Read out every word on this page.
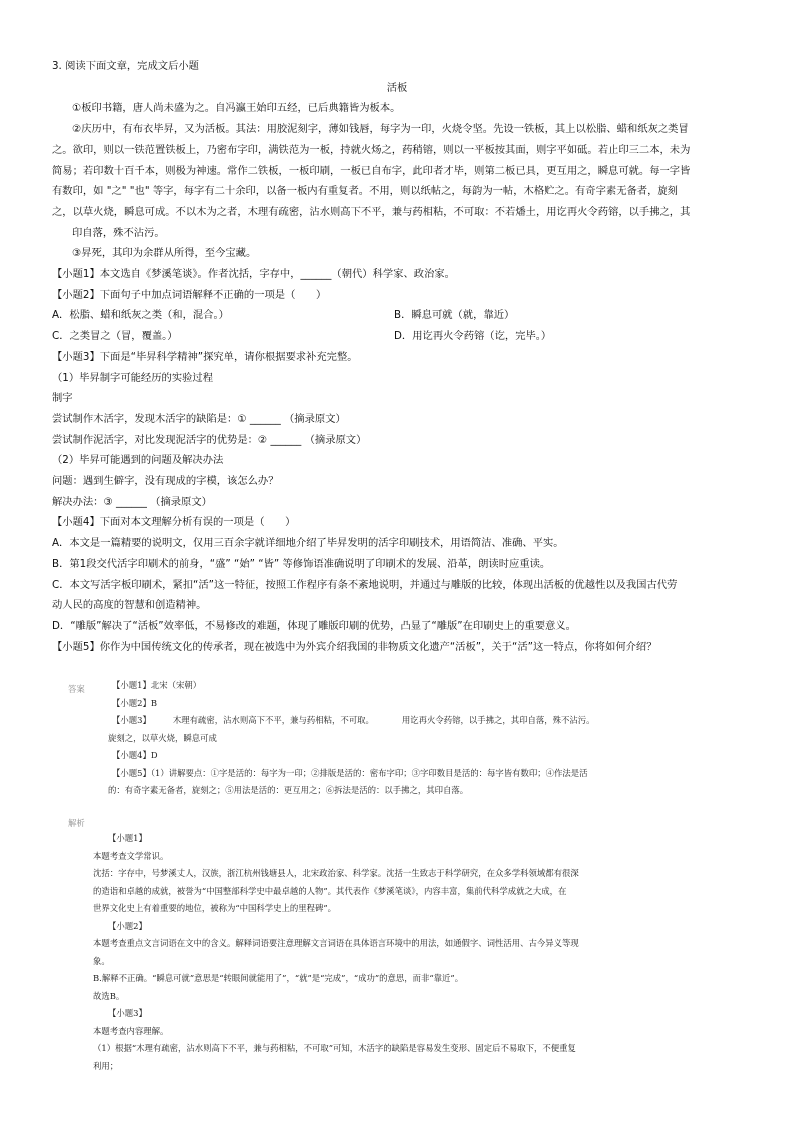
3. 阅读下面文章，完成文后小题

活板

①板印书籍，唐人尚未盛为之。自冯瀛王始印五经，已后典籍皆为板本。

②庆历中，有布衣毕昇，又为活板。其法：用胶泥刻字，薄如钱唇，每字为一印，火烧令坚。先设一铁板，其上以松脂、蜡和纸灰之类冒

之。欲印，则以一铁范置铁板上，乃密布字印，满铁范为一板，持就火炀之，药稍镕，则以一平板按其面，则字平如砥。若止印三二本，未为

简易；若印数十百千本，则极为神速。常作二铁板，一板印刷，一板已自布字，此印者才毕，则第二板已具，更互用之，瞬息可就。每一字皆

有数印，如 "之" "也" 等字，每字有二十余印，以备一板内有重复者。不用，则以纸帖之，每韵为一帖，木格贮之。有奇字素无备者，旋刻

之，以草火烧，瞬息可成。不以木为之者，木理有疏密，沾水则高下不平，兼与药相粘，不可取：不若燔土，用讫再火令药镕，以手拂之，其

印自落，殊不沾污。

③昇死，其印为余群从所得，至今宝藏。

【小题1】本文选自《梦溪笔谈》。作者沈括，字存中，______（朝代）科学家、政治家。

【小题2】下面句子中加点词语解释不正确的一项是（　　）

A．松脂、蜡和纸灰之类（和，混合。）	B．瞬息可就（就，靠近）

C．之类冒之（冒，覆盖。）	D．用讫再火令药镕（讫，完毕。）

【小题3】下面是“毕昇科学精神”探究单，请你根据要求补充完整。

（1）毕昇制字可能经历的实验过程

制字

尝试制作木活字，发现木活字的缺陷是：① ______ （摘录原文）

尝试制作泥活字，对比发现泥活字的优势是：② ______ （摘录原文）

（2）毕昇可能遇到的问题及解决办法

问题：遇到生僻字，没有现成的字模，该怎么办？

解决办法：③ ______ （摘录原文）

【小题4】下面对本文理解分析有误的一项是（　　）

A．本文是一篇精要的说明文，仅用三百余字就详细地介绍了毕昇发明的活字印刷技术，用语简洁、准确、平实。

B．第1段交代活字印刷术的前身，“盛” “始” “皆” 等修饰语准确说明了印刷术的发展、沿革，朗读时应重读。

C．本文写活字板印刷术，紧扣“活”这一特征，按照工作程序有条不紊地说明，并通过与雕版的比较，体现出活板的优越性以及我国古代劳

动人民的高度的智慧和创造精神。

D．“雕版”解决了“活板”效率低，不易修改的难题，体现了雕版印刷的优势，凸显了“雕版”在印刷史上的重要意义。

【小题5】你作为中国传统文化的传承者，现在被选中为外宾介绍我国的非物质文化遗产“活板”，关于“活”这一特点，你将如何介绍？

答案	【小题1】北宋（宋朝）

【小题2】B

【小题3】	木理有疏密，沾水则高下不平，兼与药相粘，不可取。	用讫再火令药镕，以手拂之，其印自落，殊不沾污。

旋刻之，以草火烧，瞬息可成

【小题4】D

【小题5】（1）讲解要点：①字是活的：每字为一印；②排版是活的：密布字印；③字印数目是活的：每字皆有数印；④作法是活

的：有奇字素无备者，旋刻之；⑤用法是活的：更互用之；⑥拆法是活的：以手拂之，其印自落。

解析

【小题1】

本题考查文学常识。

沈括：字存中，号梦溪丈人，汉族，浙江杭州钱塘县人，北宋政治家、科学家。沈括一生致志于科学研究，在众多学科领域都有很深

的造诣和卓越的成就，被誉为“中国整部科学史中最卓越的人物”。其代表作《梦溪笔谈》，内容丰富，集前代科学成就之大成，在

世界文化史上有着重要的地位，被称为“中国科学史上的里程碑”。

【小题2】

本题考查重点文言词语在文中的含义。解释词语要注意理解文言词语在具体语言环境中的用法，如通假字、词性活用、古今异义等现

象。

B.解释不正确。“瞬息可就”意思是“转眼间就能用了”，“就”是“完成”，“成功”的意思，而非“靠近”。

故选B。

【小题3】

本题考查内容理解。

（1）根据“木理有疏密，沾水则高下不平，兼与药相粘，不可取”可知，木活字的缺陷是容易发生变形、固定后不易取下，不便重复

利用；
